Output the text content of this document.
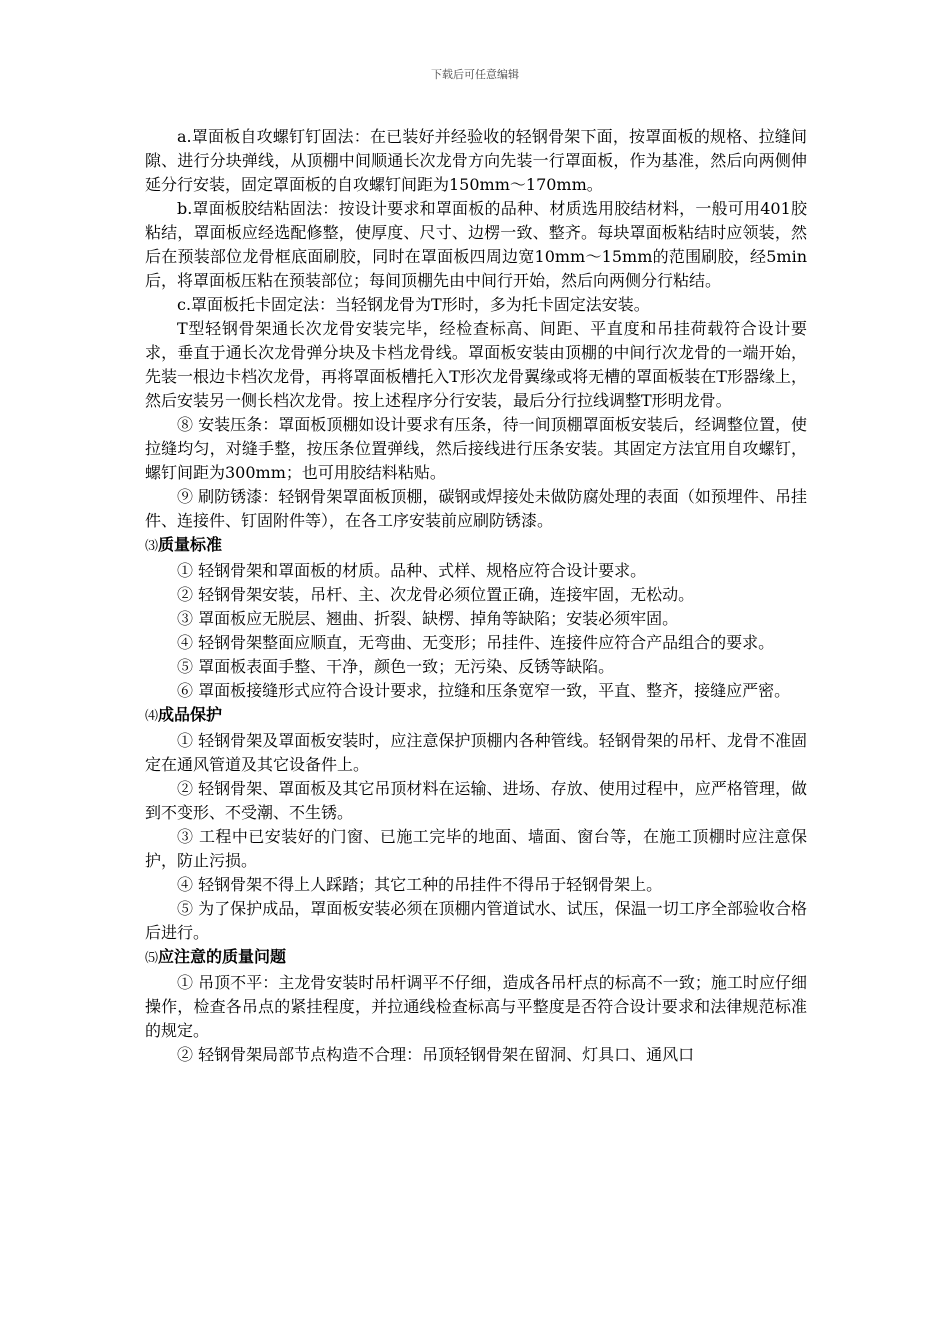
下载后可任意编辑

a.罩面板自攻螺钉钉固法：在已装好并经验收的轻钢骨架下面，按罩面板的规格、拉缝间隙、进行分块弹线，从顶棚中间顺通长次龙骨方向先装一行罩面板，作为基准，然后向两侧伸延分行安装，固定罩面板的自攻螺钉间距为150mm～170mm。

b.罩面板胶结粘固法：按设计要求和罩面板的品种、材质选用胶结材料，一般可用401胶粘结，罩面板应经选配修整，使厚度、尺寸、边楞一致、整齐。每块罩面板粘结时应领装，然后在预装部位龙骨框底面刷胶，同时在罩面板四周边宽10mm～15mm的范围刷胶，经5min后，将罩面板压粘在预装部位；每间顶棚先由中间行开始，然后向两侧分行粘结。

c.罩面板托卡固定法：当轻钢龙骨为T形时，多为托卡固定法安装。

T型轻钢骨架通长次龙骨安装完毕，经检查标高、间距、平直度和吊挂荷载符合设计要求，垂直于通长次龙骨弹分块及卡档龙骨线。罩面板安装由顶棚的中间行次龙骨的一端开始，先装一根边卡档次龙骨，再将罩面板槽托入T形次龙骨翼缘或将无槽的罩面板装在T形器缘上，然后安装另一侧长档次龙骨。按上述程序分行安装，最后分行拉线调整T形明龙骨。

⑧ 安装压条：罩面板顶棚如设计要求有压条，待一间顶棚罩面板安装后，经调整位置，使拉缝均匀，对缝手整，按压条位置弹线，然后接线进行压条安装。其固定方法宜用自攻螺钉，螺钉间距为300mm；也可用胶结料粘贴。

⑨ 刷防锈漆：轻钢骨架罩面板顶棚，碳钢或焊接处未做防腐处理的表面（如预埋件、吊挂件、连接件、钉固附件等），在各工序安装前应刷防锈漆。

⑶质量标准

① 轻钢骨架和罩面板的材质。品种、式样、规格应符合设计要求。

② 轻钢骨架安装，吊杆、主、次龙骨必须位置正确，连接牢固，无松动。

③ 罩面板应无脱层、翘曲、折裂、缺楞、掉角等缺陷；安装必须牢固。

④ 轻钢骨架整面应顺直，无弯曲、无变形；吊挂件、连接件应符合产品组合的要求。

⑤ 罩面板表面手整、干净，颜色一致；无污染、反锈等缺陷。

⑥ 罩面板接缝形式应符合设计要求，拉缝和压条宽窄一致，平直、整齐，接缝应严密。

⑷成品保护

① 轻钢骨架及罩面板安装时，应注意保护顶棚内各种管线。轻钢骨架的吊杆、龙骨不准固定在通风管道及其它设备件上。

② 轻钢骨架、罩面板及其它吊顶材料在运输、进场、存放、使用过程中，应严格管理，做到不变形、不受潮、不生锈。

③ 工程中已安装好的门窗、已施工完毕的地面、墙面、窗台等，在施工顶棚时应注意保护，防止污损。

④ 轻钢骨架不得上人踩踏；其它工种的吊挂件不得吊于轻钢骨架上。

⑤ 为了保护成品，罩面板安装必须在顶棚内管道试水、试压，保温一切工序全部验收合格后进行。

⑸应注意的质量问题

① 吊顶不平：主龙骨安装时吊杆调平不仔细，造成各吊杆点的标高不一致；施工时应仔细操作，检查各吊点的紧挂程度，并拉通线检查标高与平整度是否符合设计要求和法律规范标准的规定。

② 轻钢骨架局部节点构造不合理：吊顶轻钢骨架在留洞、灯具口、通风口
